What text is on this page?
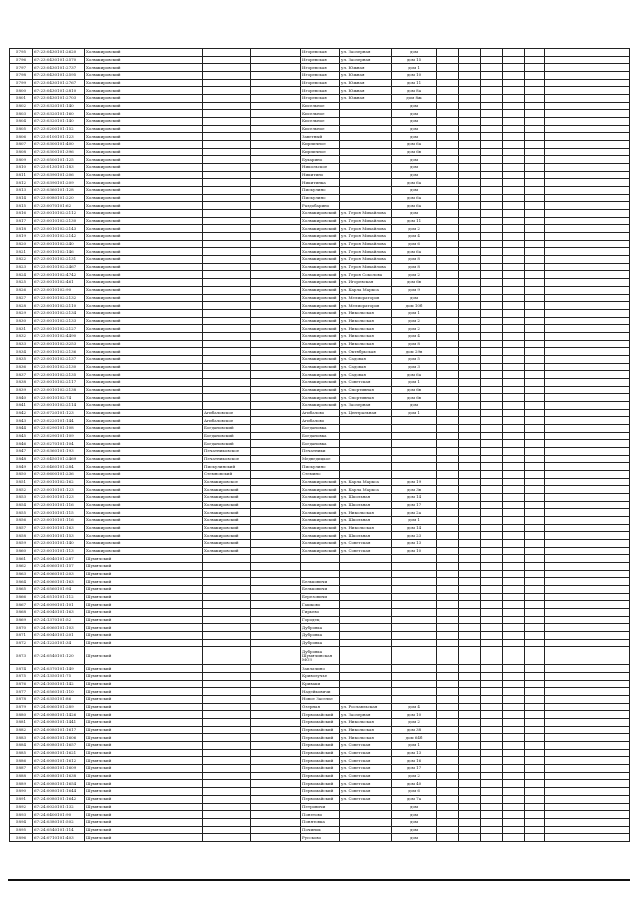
5795	67:23:0430101:2620	Холмжировский			Игоревская	ул. Заозерная	дом						
5796	67:23:0430101:2570	Холмжировский			Игоревская	ул. Заозерная	дом 15						
5797	67:23:0430101:2737	Холмжировский			Игоревская	ул. Южная	дом 1						
5798	67:23:0430101:2595	Холмжировский			Игоревская	ул. Южная	дом 10						
5799	67:23:0430101:2767	Холмжировский			Игоревская	ул. Южная	дом 11						
5800	67:23:0430101:2810	Холмжировский			Игоревская	ул. Южная	дом 8а						
5801	67:23:0430101:2703	Холмжировский			Игоревская	ул. Южная	дом 8ж						
5802	67:23:0320101:140	Холмжировский			Кисельное		дом						
5803	67:23:0320101:160	Холмжировский			Кисельное		дом						
5804	67:23:0320101:140	Холмжировский			Кисельное		дом						
5805	67:23:0200101:152	Холмжировский			Кисельное		дом						
5806	67:23:0100101:123	Холмжировский			Заветный		дом						
5807	67:23:0300101:400	Холмжировский			Кирпичное		дом 6а						
5808	67:23:0300101:396	Холмжировский			Кирпичное		дом 6в						
5809	67:23:0500101:125	Холмжировский			Бухарино		дом						
5810	67:23:0130101:183	Холмжировский			Никольское		дом						
5811	67:23:0390101:206	Холмжировский			Никитино		дом						
5812	67:23:0390101:209	Холмжировский			Никитинка		дом 6а						
5813	67:23:0360101:128	Холмжировский			Пискулино		дом						
5814	67:23:0080101:220	Холмжировский			Пискулино		дом 6а						
5815	67:23:0070101:62	Холмжировский			Раздобарино		дом 6а						
5816	67:23:0010102:2112	Холмжировский			Холмжировский	ул. Героя Михайлова	дом						
5817	67:23:0010102:2130	Холмжировский			Холмжировский	ул. Героя Михайлова	дом 11						
5818	67:23:0010102:2143	Холмжировский			Холмжировский	ул. Героя Михайлова	дом 2						
5819	67:23:0010102:2142	Холмжировский			Холмжировский	ул. Героя Михайлова	дом 4						
5820	67:23:0010102:240	Холмжировский			Холмжировский	ул. Героя Михайлова	дом 6						
5821	67:23:0010102:146	Холмжировский			Холмжировский	ул. Героя Михайлова	дом 6а						
5822	67:23:0010102:2131	Холмжировский			Холмжировский	ул. Героя Михайлова	дом 8						
5823	67:23:0010102:2467	Холмжировский			Холмжировский	ул. Героя Михайлова	дом 8						
5824	67:23:0010102:4742	Холмжировский			Холмжировский	ул. Героя Соколова	дом 2						
5825	67:23:0010102:461	Холмжировский			Холмжировский	ул. Игоревская	дом 6в						
5826	67:23:0010102:90	Холмжировский			Холмжировский	ул. Карла Маркса	дом 9						
5827	67:23:0010102:2132	Холмжировский			Холмжировский	ул. Мелиораторов	дом						
5828	67:23:0010102:2110	Холмжировский			Холмжировский	ул. Мелиораторов	дом 10б						
5829	67:23:0010102:2134	Холмжировский			Холмжировский	ул. Никольская	дом 1						
5830	67:23:0010102:2133	Холмжировский			Холмжировский	ул. Никольская	дом 2						
5831	67:23:0010102:2127	Холмжировский			Холмжировский	ул. Никольская	дом 2						
5832	67:23:0010102:4490	Холмжировский			Холмжировский	ул. Никольская	дом 4						
5833	67:23:0010102:3253	Холмжировский			Холмжировский	ул. Никольская	дом 8						
5834	67:23:0010102:2136	Холмжировский			Холмжировский	ул. Октябрьская	дом 29в						
5835	67:23:0010102:2137	Холмжировский			Холмжировский	ул. Садовая	дом 5						
5836	67:23:0010102:2130	Холмжировский			Холмжировский	ул. Садовая	дом 3						
5837	67:23:0010102:2135	Холмжировский			Холмжировский	ул. Садовая	дом 6а						
5838	67:23:0010102:2117	Холмжировский			Холмжировский	ул. Советская	дом 1						
5839	67:23:0010102:2138	Холмжировский			Холмжировский	ул. Спортивная	дом 6в						
5840	67:23:0010102:74	Холмжировский			Холмжировский	ул. Спортивная	дом 6в						
5841	67:23:0010102:2114	Холмжировский			Холмжировский	ул. Заозерная	дом						
5842	67:23:0720101:123	Холмжировский	Агибаловское		Агибалово	ул. Центральная	дом 1						
5843	67:23:0220101:144	Холмжировский	Агибаловское		Агибалово								
5844	67:23:0290101:108	Холмжировский	Богдановский		Богдановка								
5845	67:23:0290101:109	Холмжировский	Богдановский		Богдановка								
5846	67:23:0270101:104	Холмжировский	Богдановский		Богдановка								
5847	67:23:0360101:193	Холмжировский	Печатниковское		Печатники								
5848	67:23:0450101:2469	Холмжировский	Печатниковское		Медведицкое								
5849	67:23:0460101:284	Холмжировский	Пискулинский		Пискулино								
5850	67:23:0600101:236	Холмжировский	Стемновский		Стемино								
5851	67:23:0010102:162	Холмжировский	Холмжировское		Холмжировский	ул. Карла Маркса	дом 19						
5852	67:23:0010101:123	Холмжировский	Холмжировский		Холмжировский	ул. Карла Маркса	дом 3в						
5853	67:23:0010101:123	Холмжировский	Холмжировский		Холмжировский	ул. Школьная	дом 14						
5854	67:23:0010101:116	Холмжировский	Холмжировский		Холмжировский	ул. Школьная	дом 17						
5855	67:23:0010101:115	Холмжировский	Холмжировский		Холмжировский	ул. Никольская	дом 2а						
5856	67:23:0010101:116	Холмжировский	Холмжировский		Холмжировский	ул. Школьная	дом 1						
5857	67:23:0010101:163	Холмжировский	Холмжировский		Холмжировский	ул. Никольская	дом 14						
5858	67:23:0010101:153	Холмжировский	Холмжировский		Холмжировский	ул. Школьная	дом 23						
5859	67:23:0010101:140	Холмжировский	Холмжировский		Холмжировский	ул. Советская	дом 13						
5860	67:23:0010101:113	Холмжировский	Холмжировский		Холмжировский	ул. Советская	дом 10						
5861	67:24:0040101:287	Шумячский											
5862	67:24:0060101:157	Шумячский											
5863	67:24:0060101:203	Шумячский											
5864	67:24:0060101:163	Шумячский			Бельковичи								
5865	67:24:0560101:94	Шумячский			Бельковичи								
5866	67:24:0510101:112	Шумячский			Березовичи								
5867	67:24:0090101:101	Шумячский			Гашково								
5868	67:24:0040101:163	Шумячский			Гирьево								
5869	67:24:1370101:52	Шумячский			Городец								
5870	67:24:0060101:103	Шумячский			Дубровка								
5871	67:24:0040101:201	Шумячский			Дубровка								
5872	67:24:1220101:34	Шумячский			Дубровка								
5873	67:24:0540101:120	Шумячский			Дубровка Шумячинская МОЗ								
5874	67:24:0370101:149	Шумячский			Заплачино								
5875	67:24:1350101:75	Шумячский			Криволучье								
5876	67:24:1050101:142	Шумячский			Криваки								
5877	67:24:0560101:110	Шумячский			Надейковичи								
5878	67:24:0350101:86	Шумячский			Новое Заселье								
5879	67:24:0060101:289	Шумячский			Озерная	ул. Рославльская	дом 4						
5880	67:24:0080101:1426	Шумячский			Первомайский	ул. Заозерная	дом 10						
5881	67:24:0080101:1441	Шумячский			Первомайский	ул. Никольская	дом 2						
5882	67:24:0080101:1617	Шумячский			Первомайский	ул. Никольская	дом 38						
5883	67:24:0080101:1606	Шумячский			Первомайский	ул. Никольская	дом 64б						
5884	67:24:0080101:1657	Шумячский			Первомайский	ул. Советская	дом 1						
5885	67:24:0080101:1621	Шумячский			Первомайский	ул. Советская	дом 13						
5886	67:24:0080101:1612	Шумячский			Первомайский	ул. Советская	дом 16						
5887	67:24:0080101:1609	Шумячский			Первомайский	ул. Советская	дом 17						
5888	67:24:0080101:1638	Шумячский			Первомайский	ул. Советская	дом 2						
5889	67:24:0080101:1654	Шумячский			Первомайский	ул. Советская	дом 40						
5890	67:24:0080101:1644	Шумячский			Первомайский	ул. Советская	дом 6						
5891	67:24:0080101:1642	Шумячский			Первомайский	ул. Советская	дом 7а						
5892	67:24:0020101:132	Шумячский			Петровичи		дом						
5893	67:24:0400101:90	Шумячский			Понетово		дом						
5894	67:24:0380101:502	Шумячский			Понятовка		дом						
5895	67:24:0540101:114	Шумячский			Починок		дом						
5896	67:24:0710101:403	Шумячский			Руссково		дом						
